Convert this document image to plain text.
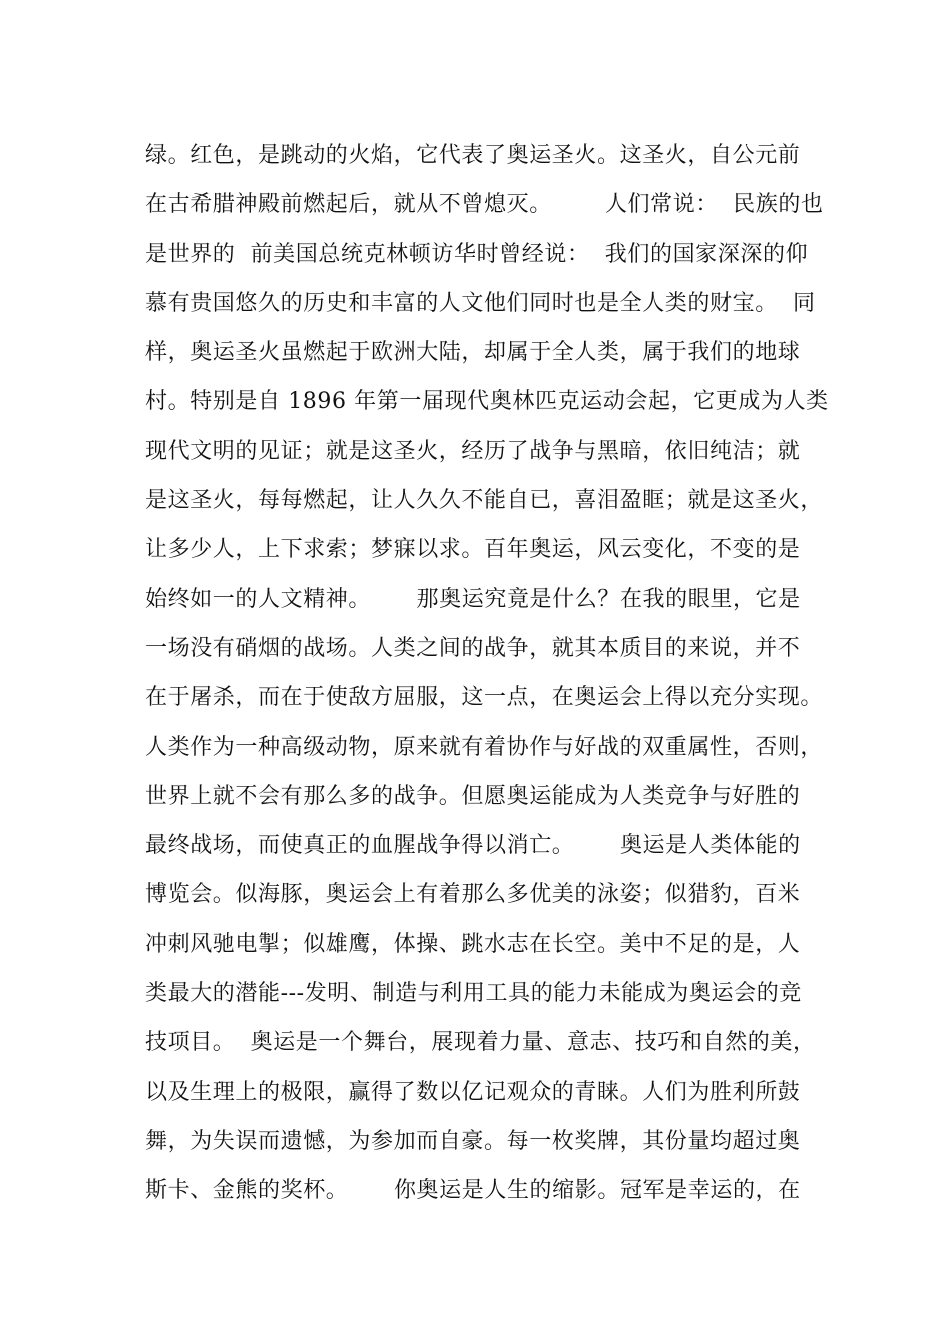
绿。红色，是跳动的火焰，它代表了奥运圣火。这圣火，自公元前
在古希腊神殿前燃起后，就从不曾熄灭。       人们常说：  民族的也
是世界的  前美国总统克林顿访华时曾经说：  我们的国家深深的仰
慕有贵国悠久的历史和丰富的人文他们同时也是全人类的财宝。  同
样，奥运圣火虽燃起于欧洲大陆，却属于全人类，属于我们的地球
村。特别是自 1896 年第一届现代奥林匹克运动会起，它更成为人类
现代文明的见证；就是这圣火，经历了战争与黑暗，依旧纯洁；就
是这圣火，每每燃起，让人久久不能自已，喜泪盈眶；就是这圣火，
让多少人，上下求索；梦寐以求。百年奥运，风云变化，不变的是
始终如一的人文精神。      那奥运究竟是什么？在我的眼里，它是
一场没有硝烟的战场。人类之间的战争，就其本质目的来说，并不
在于屠杀，而在于使敌方屈服，这一点，在奥运会上得以充分实现。
人类作为一种高级动物，原来就有着协作与好战的双重属性，否则，
世界上就不会有那么多的战争。但愿奥运能成为人类竞争与好胜的
最终战场，而使真正的血腥战争得以消亡。      奥运是人类体能的
博览会。似海豚，奥运会上有着那么多优美的泳姿；似猎豹，百米
冲刺风驰电掣；似雄鹰，体操、跳水志在长空。美中不足的是，人
类最大的潜能---发明、制造与利用工具的能力未能成为奥运会的竞
技项目。  奥运是一个舞台，展现着力量、意志、技巧和自然的美，
以及生理上的极限，赢得了数以亿记观众的青睐。人们为胜利所鼓
舞，为失误而遗憾，为参加而自豪。每一枚奖牌，其份量均超过奥
斯卡、金熊的奖杯。      你奥运是人生的缩影。冠军是幸运的，在
